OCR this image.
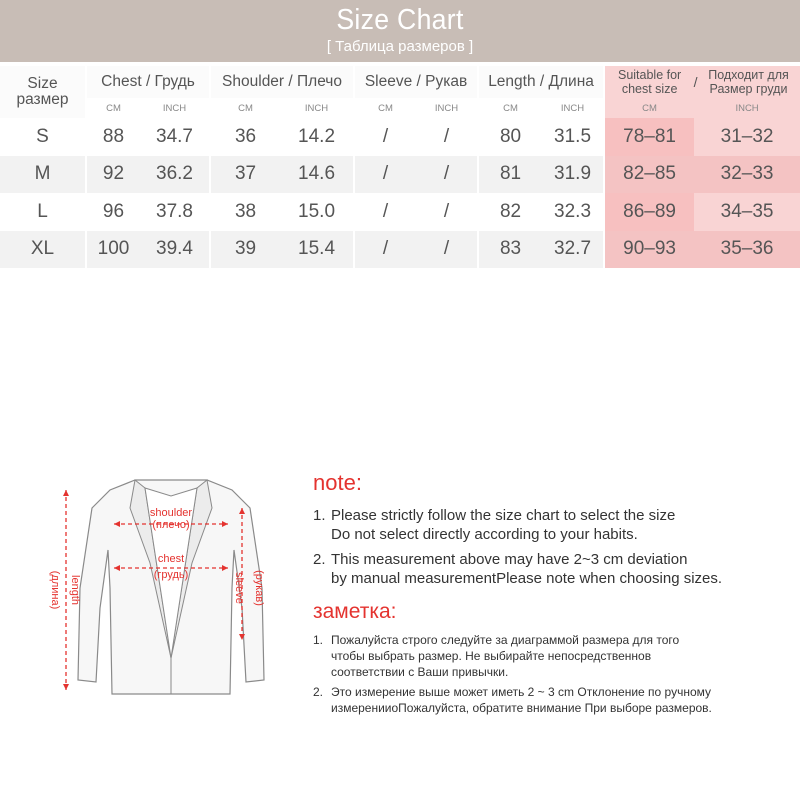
Size Chart
[ Таблица размеров ]
Size
размер	Chest / Грудь		Shoulder / Плечо		Sleeve / Рукав		Length / Длина		Suitable for chest size / Подходит для Размер груди	

	CM	INCH	CM	INCH	CM	INCH	CM	INCH	CM	INCH
S	88	34.7	36	14.2	/	/	80	31.5	78–81	31–32
M	92	36.2	37	14.6	/	/	81	31.9	82–85	32–33
L	96	37.8	38	15.0	/	/	82	32.3	86–89	34–35
XL	100	39.4	39	15.4	/	/	83	32.7	90–93	35–36
shoulder
(плечо)
chest
(грудь)
length
(длина)	sleeve (рукав)
note:
1. Please strictly follow the size chart to select the size
Do not select directly according to your habits.
2. This measurement above may have 2~3 cm deviation
by manual measurementPlease note when choosing sizes.
заметка:
1. Пожалуйста строго следуйте за диаграммой размера для того
чтобы выбрать размер. Не выбирайте непосредственнов
соответствии с Ваши привычки.
2. Это измерение выше может иметь 2 ~ 3 cm Отклонение по ручному
измеренииоПожалуйста, обратите внимание При выборе размеров.
